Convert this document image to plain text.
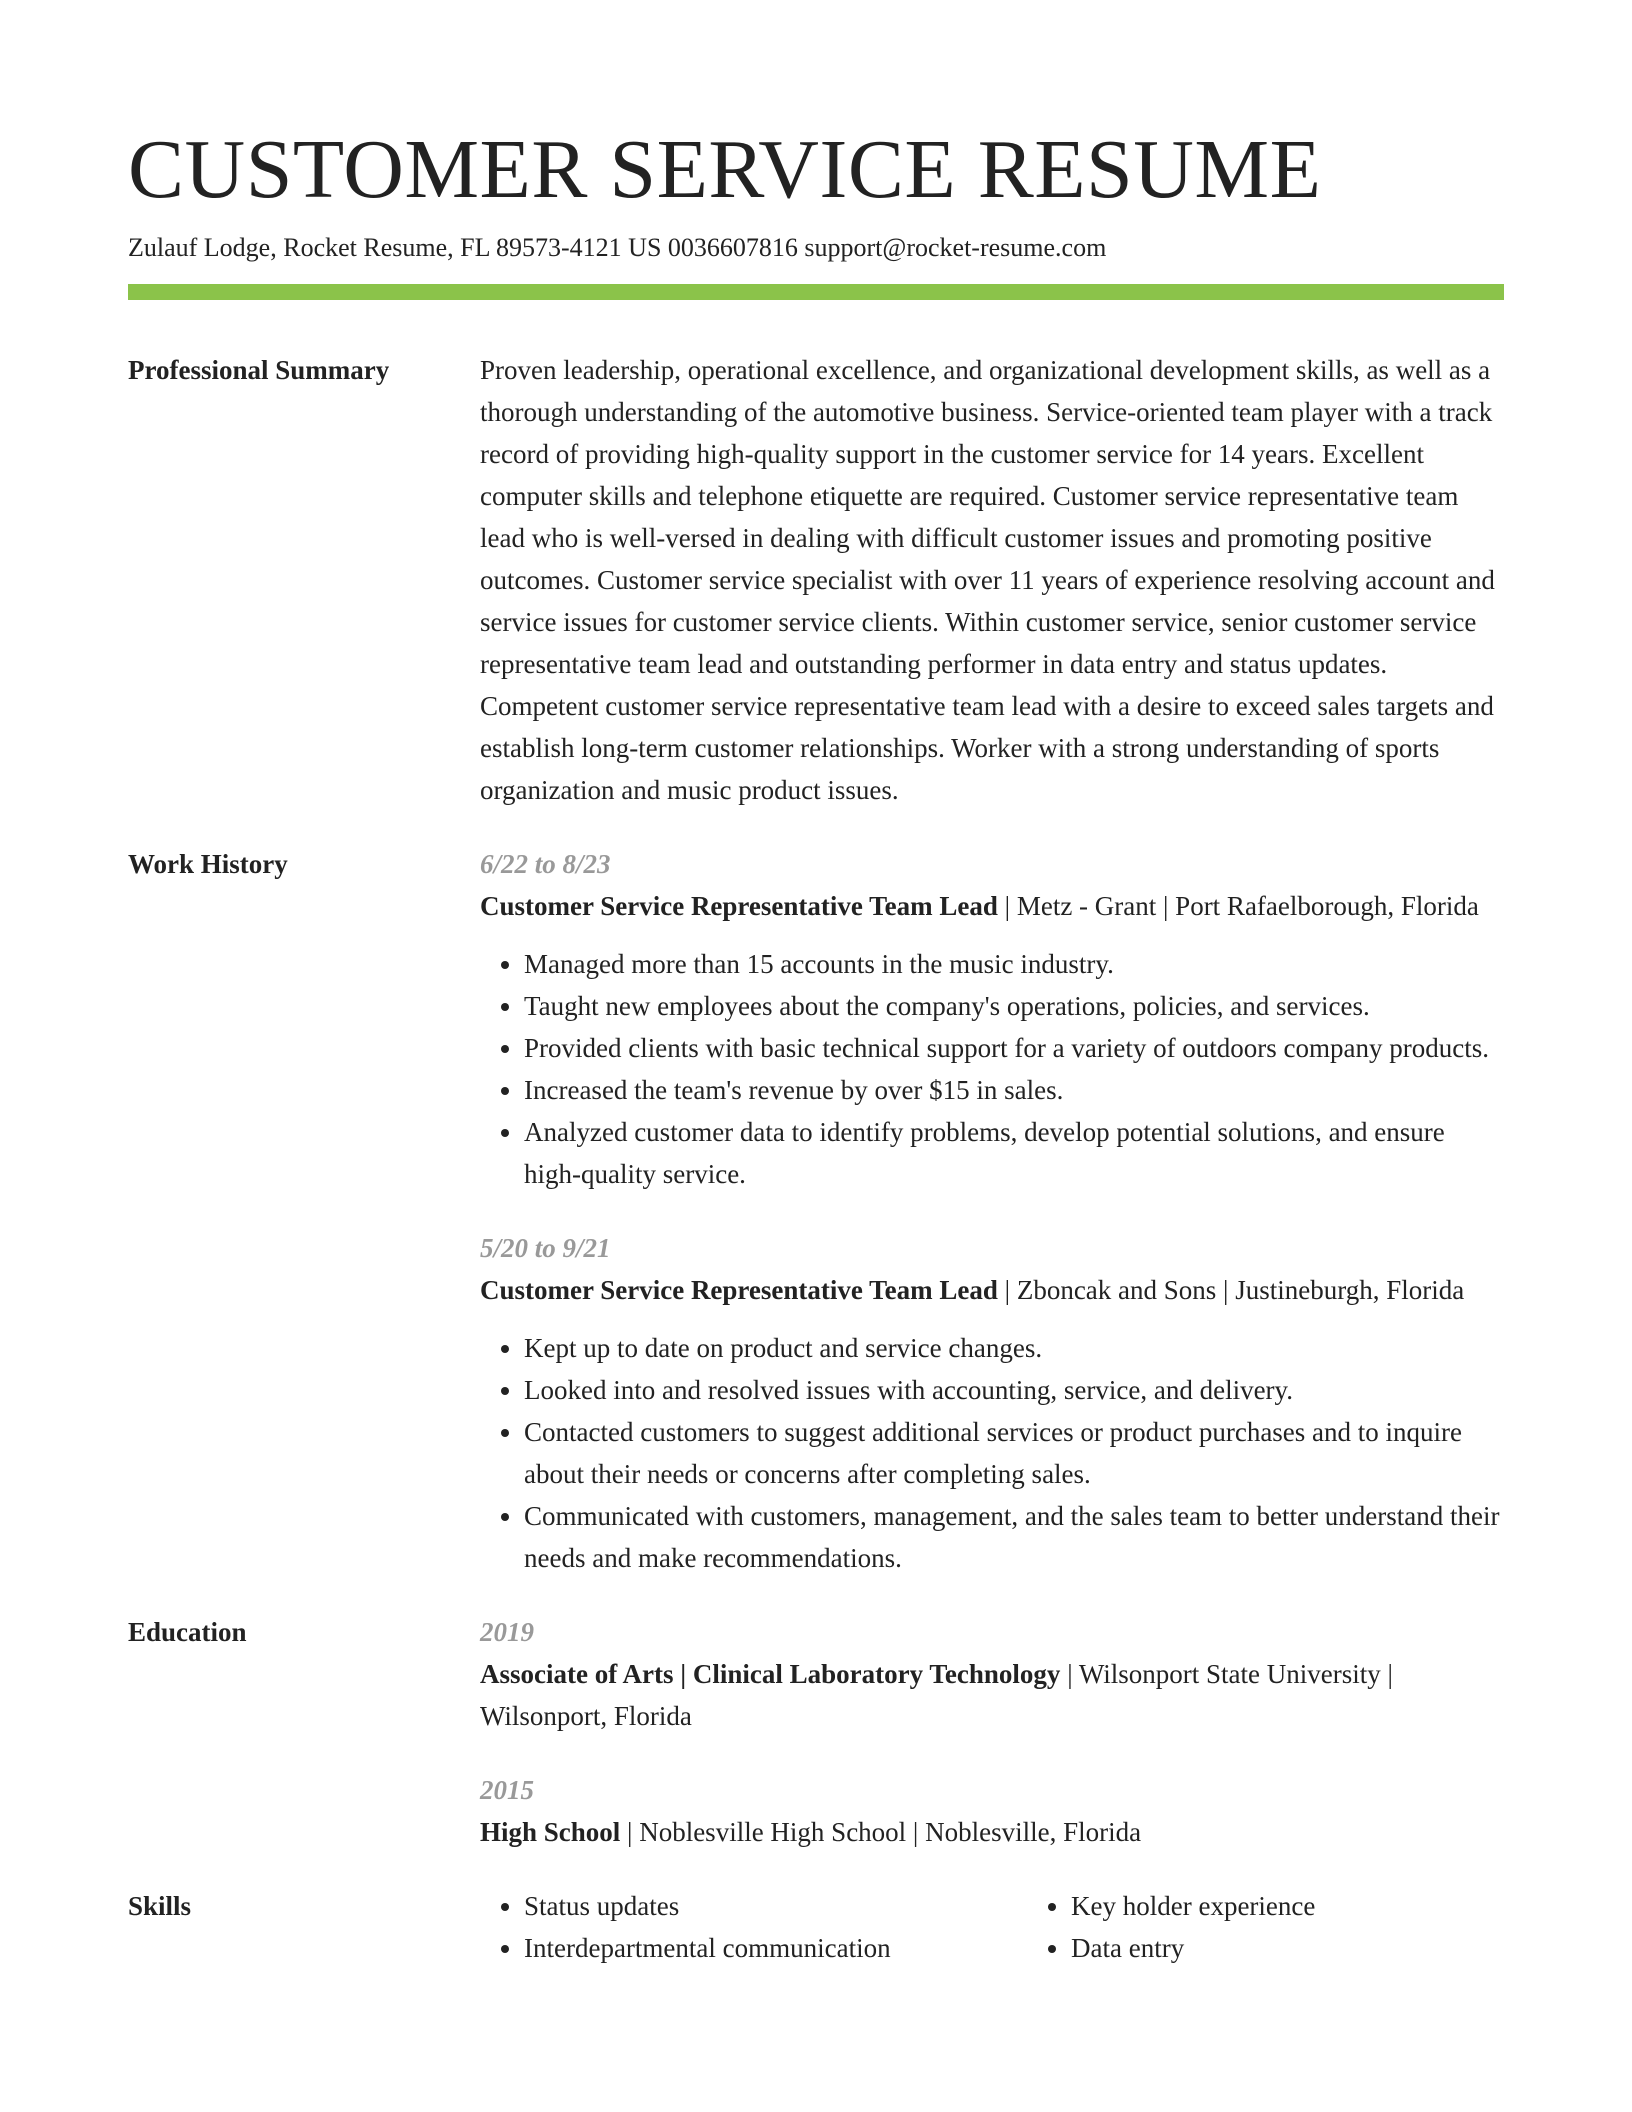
CUSTOMER SERVICE RESUME
Zulauf Lodge, Rocket Resume, FL 89573-4121 US 0036607816 support@rocket-resume.com
Professional Summary	Proven leadership, operational excellence, and organizational development skills, as well as a thorough understanding of the automotive business. Service-oriented team player with a track record of providing high-quality support in the customer service for 14 years. Excellent computer skills and telephone etiquette are required. Customer service representative team lead who is well-versed in dealing with difficult customer issues and promoting positive outcomes. Customer service specialist with over 11 years of experience resolving account and service issues for customer service clients. Within customer service, senior customer service representative team lead and outstanding performer in data entry and status updates. Competent customer service representative team lead with a desire to exceed sales targets and establish long-term customer relationships. Worker with a strong understanding of sports organization and music product issues.
Work History	6/22 to 8/23
Customer Service Representative Team Lead | Metz - Grant | Port Rafaelborough, Florida
• Managed more than 15 accounts in the music industry.
• Taught new employees about the company's operations, policies, and services.
• Provided clients with basic technical support for a variety of outdoors company products.
• Increased the team's revenue by over $15 in sales.
• Analyzed customer data to identify problems, develop potential solutions, and ensure high-quality service.
5/20 to 9/21
Customer Service Representative Team Lead | Zboncak and Sons | Justineburgh, Florida
• Kept up to date on product and service changes.
• Looked into and resolved issues with accounting, service, and delivery.
• Contacted customers to suggest additional services or product purchases and to inquire about their needs or concerns after completing sales.
• Communicated with customers, management, and the sales team to better understand their needs and make recommendations.
Education	2019
Associate of Arts | Clinical Laboratory Technology | Wilsonport State University | Wilsonport, Florida
2015
High School | Noblesville High School | Noblesville, Florida
Skills
•	Status updates
• Interdepartmental communication
• Key holder experience
• Data entry
